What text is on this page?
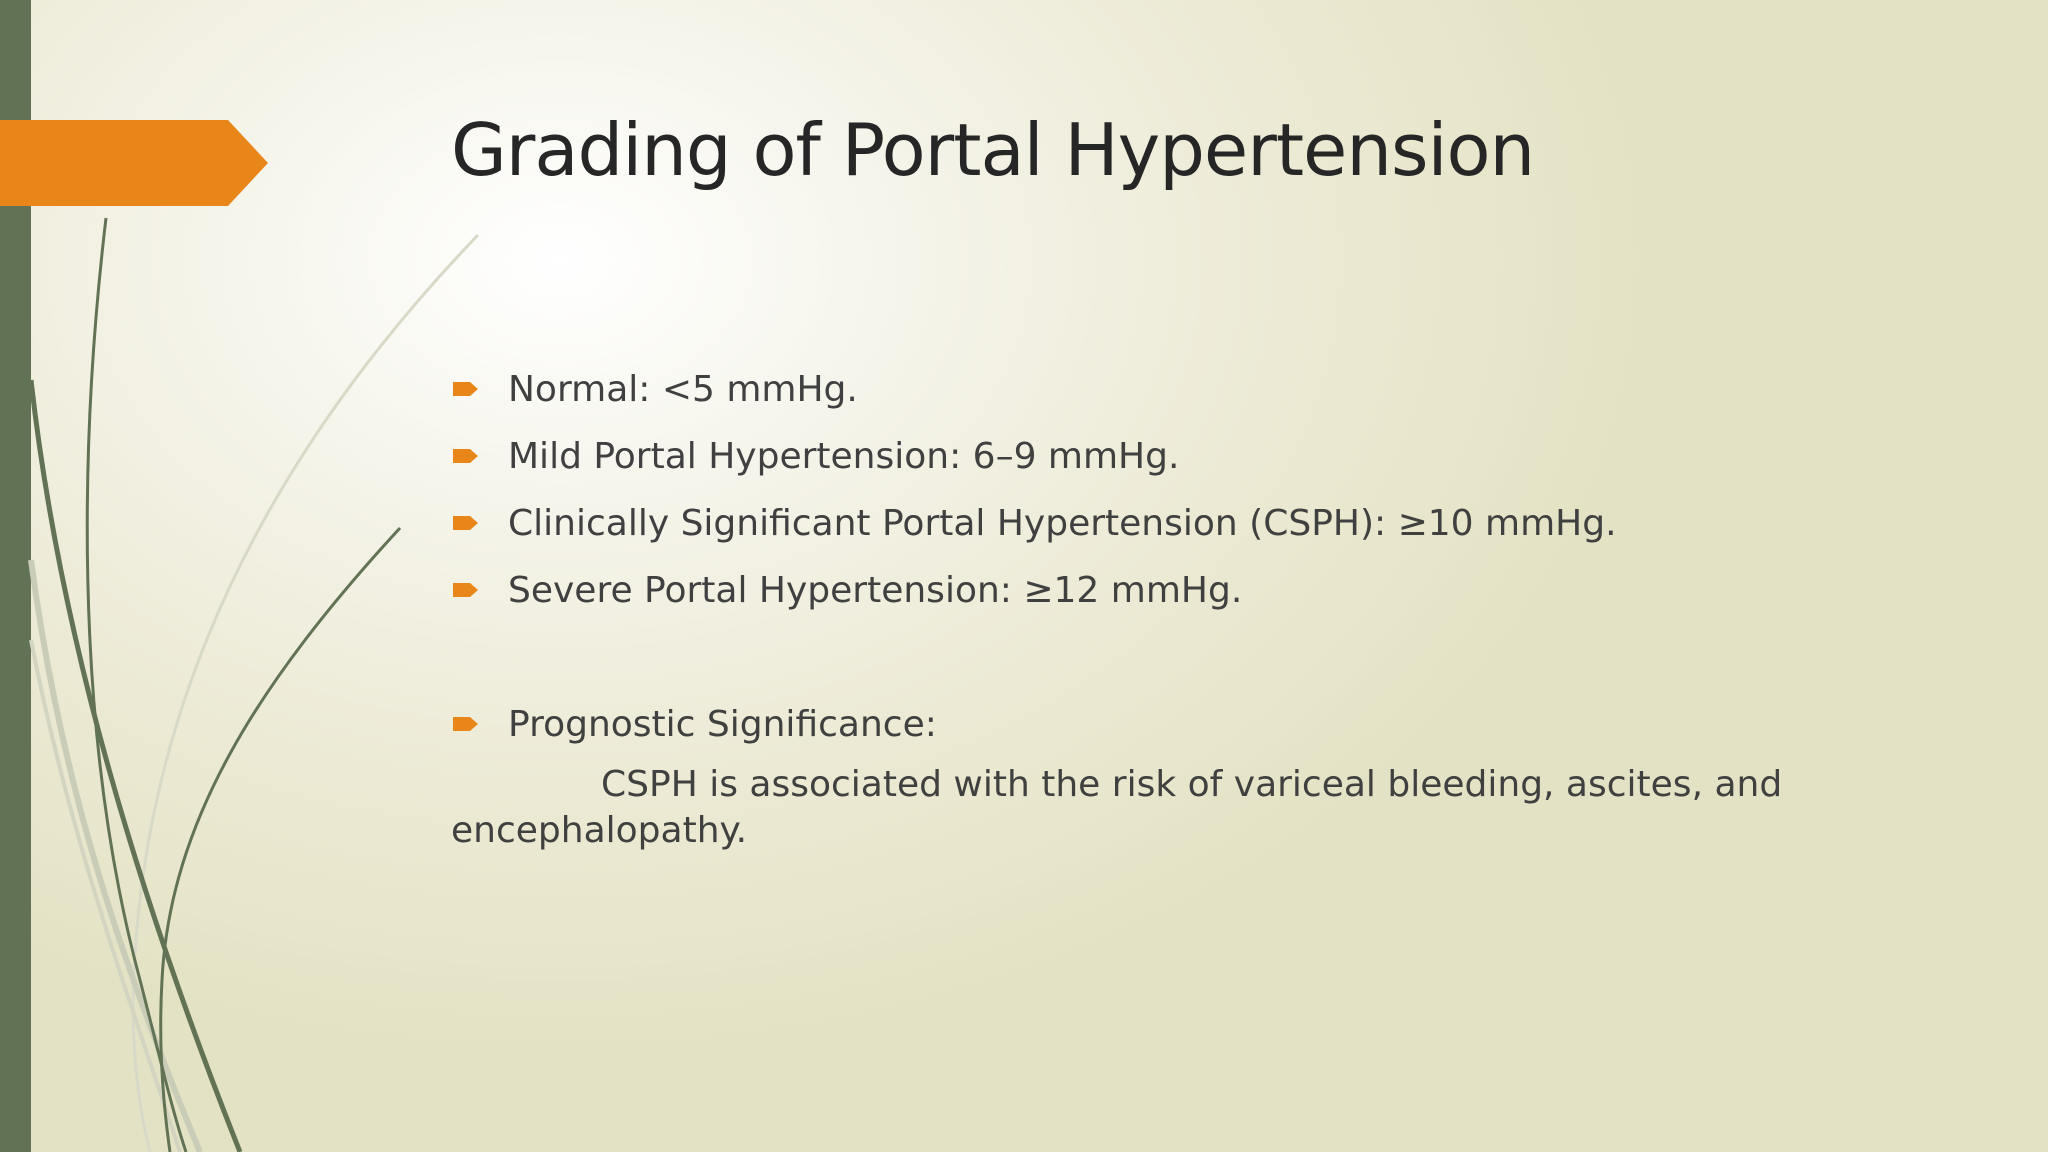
Grading of Portal Hypertension
Normal: <5 mmHg.
Mild Portal Hypertension: 6–9 mmHg.
Clinically Significant Portal Hypertension (CSPH): ≥10 mmHg.
Severe Portal Hypertension: ≥12 mmHg.
Prognostic Significance:

CSPH is associated with the risk of variceal bleeding, ascites, and encephalopathy.
